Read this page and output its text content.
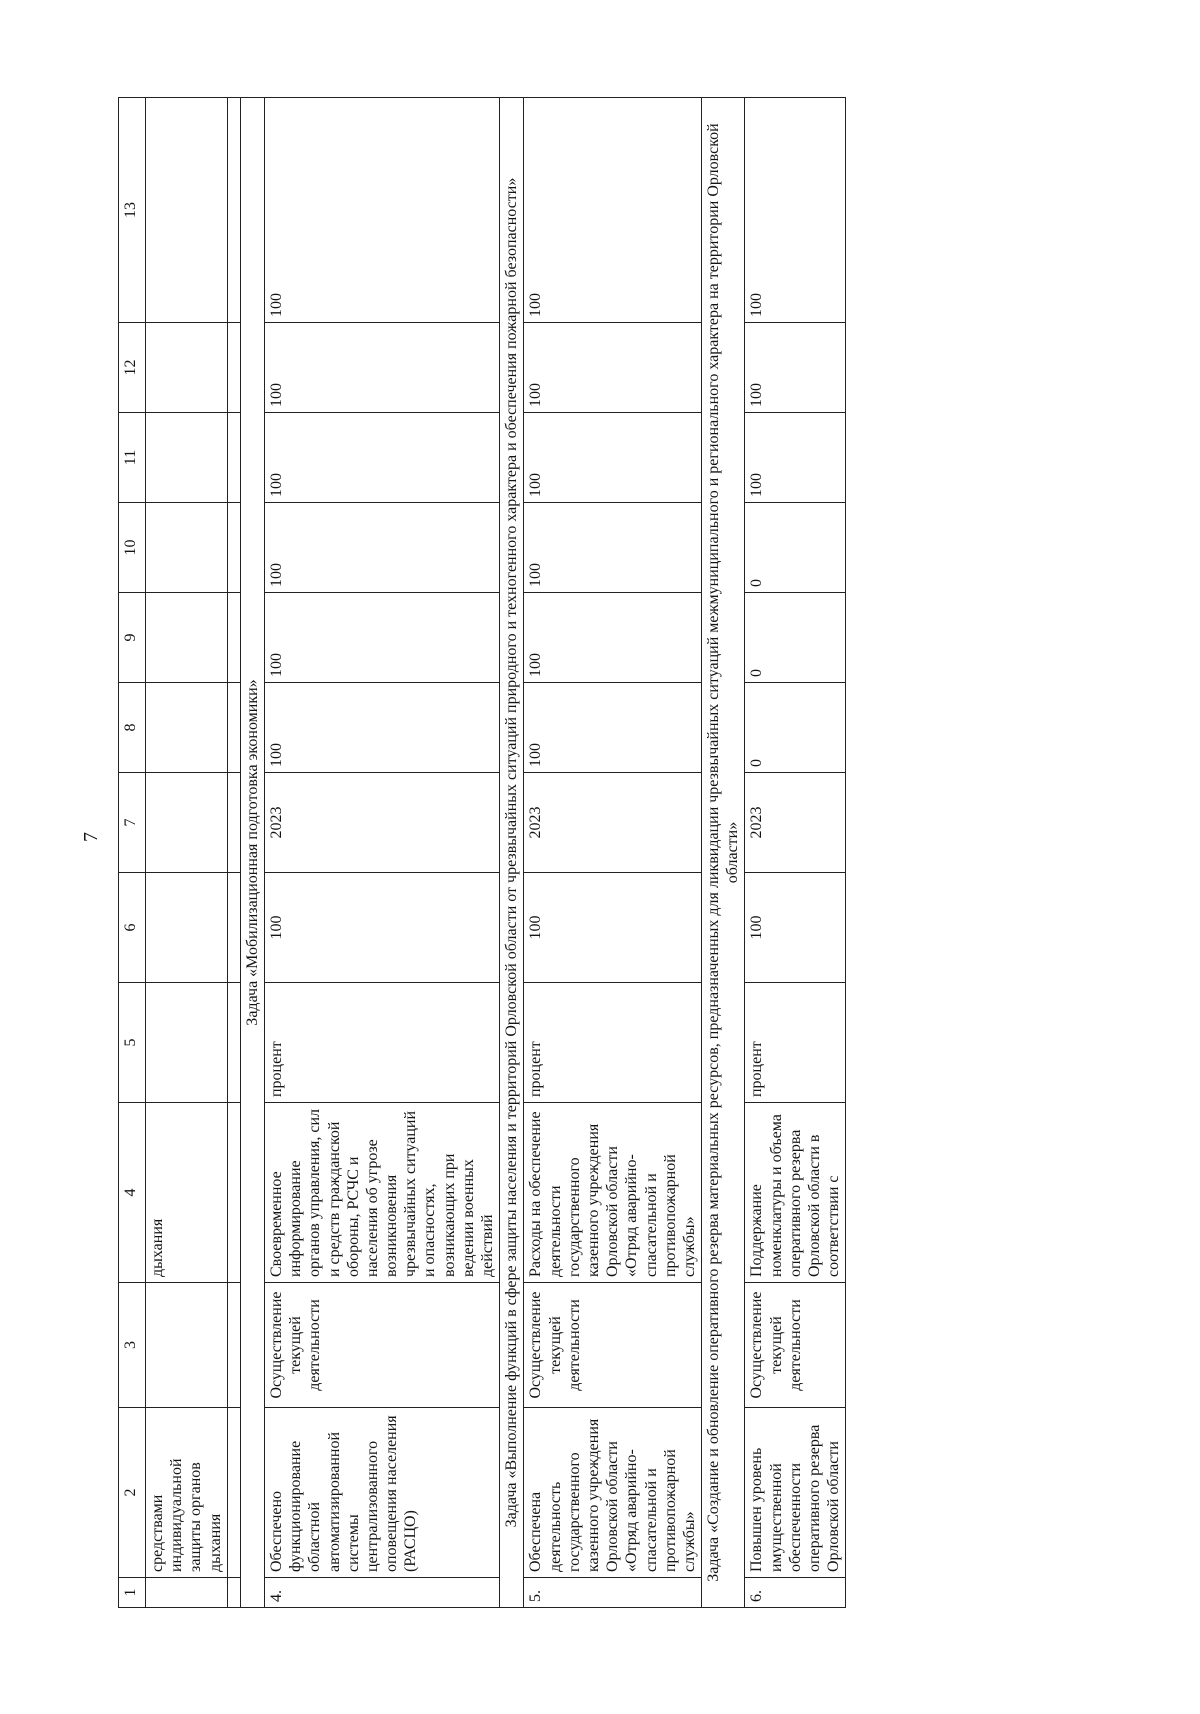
7
1	2	3	4	5	6	7	8	9	10	11	12	13
	средствами индивидуальной защиты органов дыхания		дыхания									

Задача «Мобилизационная подготовка экономики»												
4.	Обеспечено функционирование областной автоматизированной системы централизованного оповещения населения (РАСЦО)	Осуществление текущей деятельности	Своевременное информирование органов управления, сил и средств гражданской обороны, РСЧС и населения об угрозе возникновения чрезвычайных ситуаций и опасностях, возникающих при ведении военных действий	процент	100	2023	100	100	100	100	100	100
Задача «Выполнение функций в сфере защиты населения и территорий Орловской области от чрезвычайных ситуаций природного и техногенного характера и обеспечения пожарной безопасности»												
5.	Обеспечена деятельность государственного казенного учреждения Орловской области «Отряд аварийно-спасательной и противопожарной службы»	Осуществление текущей деятельности	Расходы на обеспечение деятельности государственного казенного учреждения Орловской области «Отряд аварийно-спасательной и противопожарной службы»	процент	100	2023	100	100	100	100	100	100
Задача «Создание и обновление оперативного резерва материальных ресурсов, предназначенных для ликвидации чрезвычайных ситуаций межмуниципального и регионального характера на территории Орловской области»												
6.	Повышен уровень имущественной обеспеченности оперативного резерва Орловской области	Осуществление текущей деятельности	Поддержание номенклатуры и объема оперативного резерва Орловской области в соответствии с	процент	100	2023	0	0	0	100	100	100
